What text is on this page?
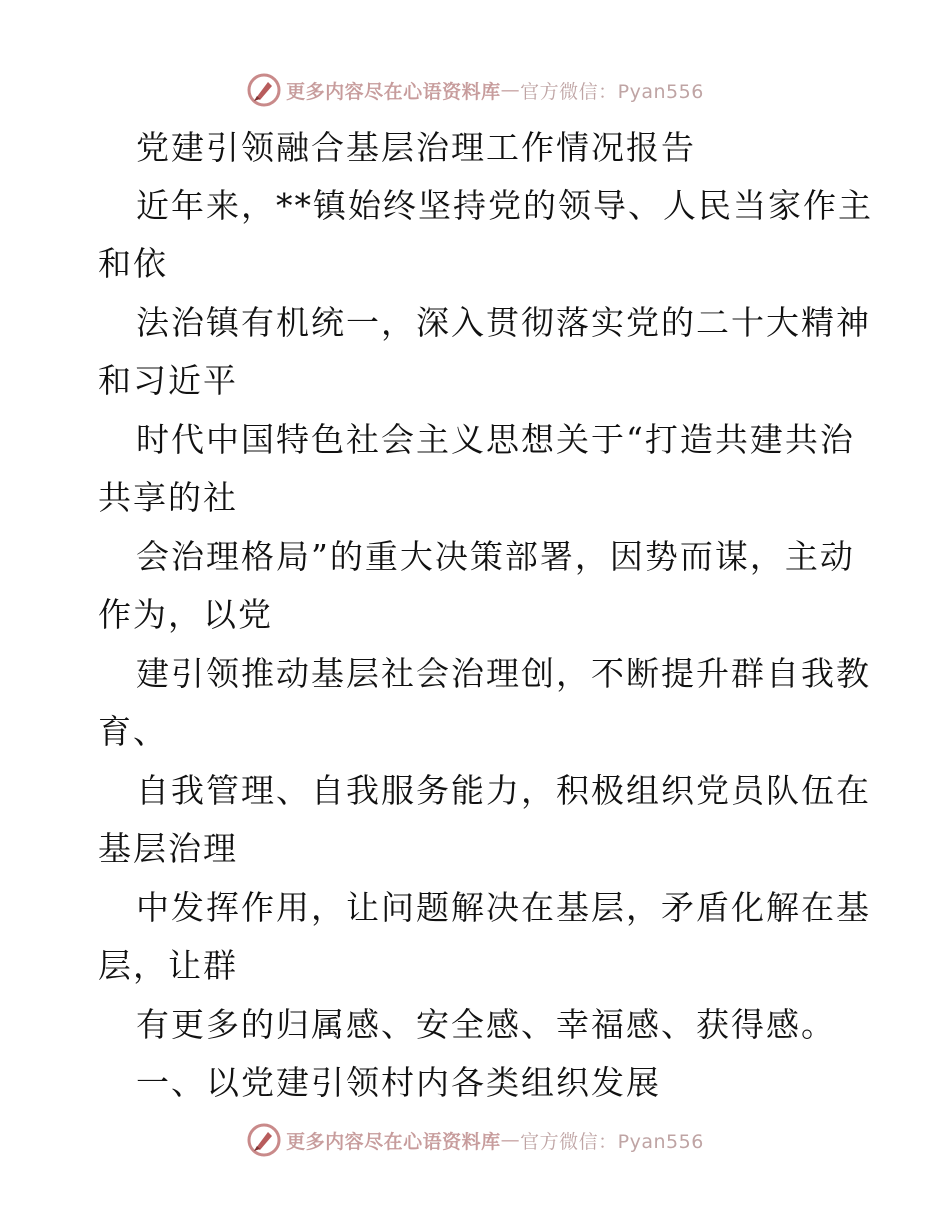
更多内容尽在心语资料库 — 官方微信：Pyan556
党建引领融合基层治理工作情况报告
近年来，**镇始终坚持党的领导、人民当家作主
和依
法治镇有机统一，深入贯彻落实党的二十大精神
和习近平
时代中国特色社会主义思想关于“打造共建共治
共享的社
会治理格局”的重大决策部署，因势而谋，主动
作为，以党
建引领推动基层社会治理创，不断提升群自我教
育、
自我管理、自我服务能力，积极组织党员队伍在
基层治理
中发挥作用，让问题解决在基层，矛盾化解在基
层，让群
有更多的归属感、安全感、幸福感、获得感。
一、以党建引领村内各类组织发展
更多内容尽在心语资料库 — 官方微信：Pyan556
